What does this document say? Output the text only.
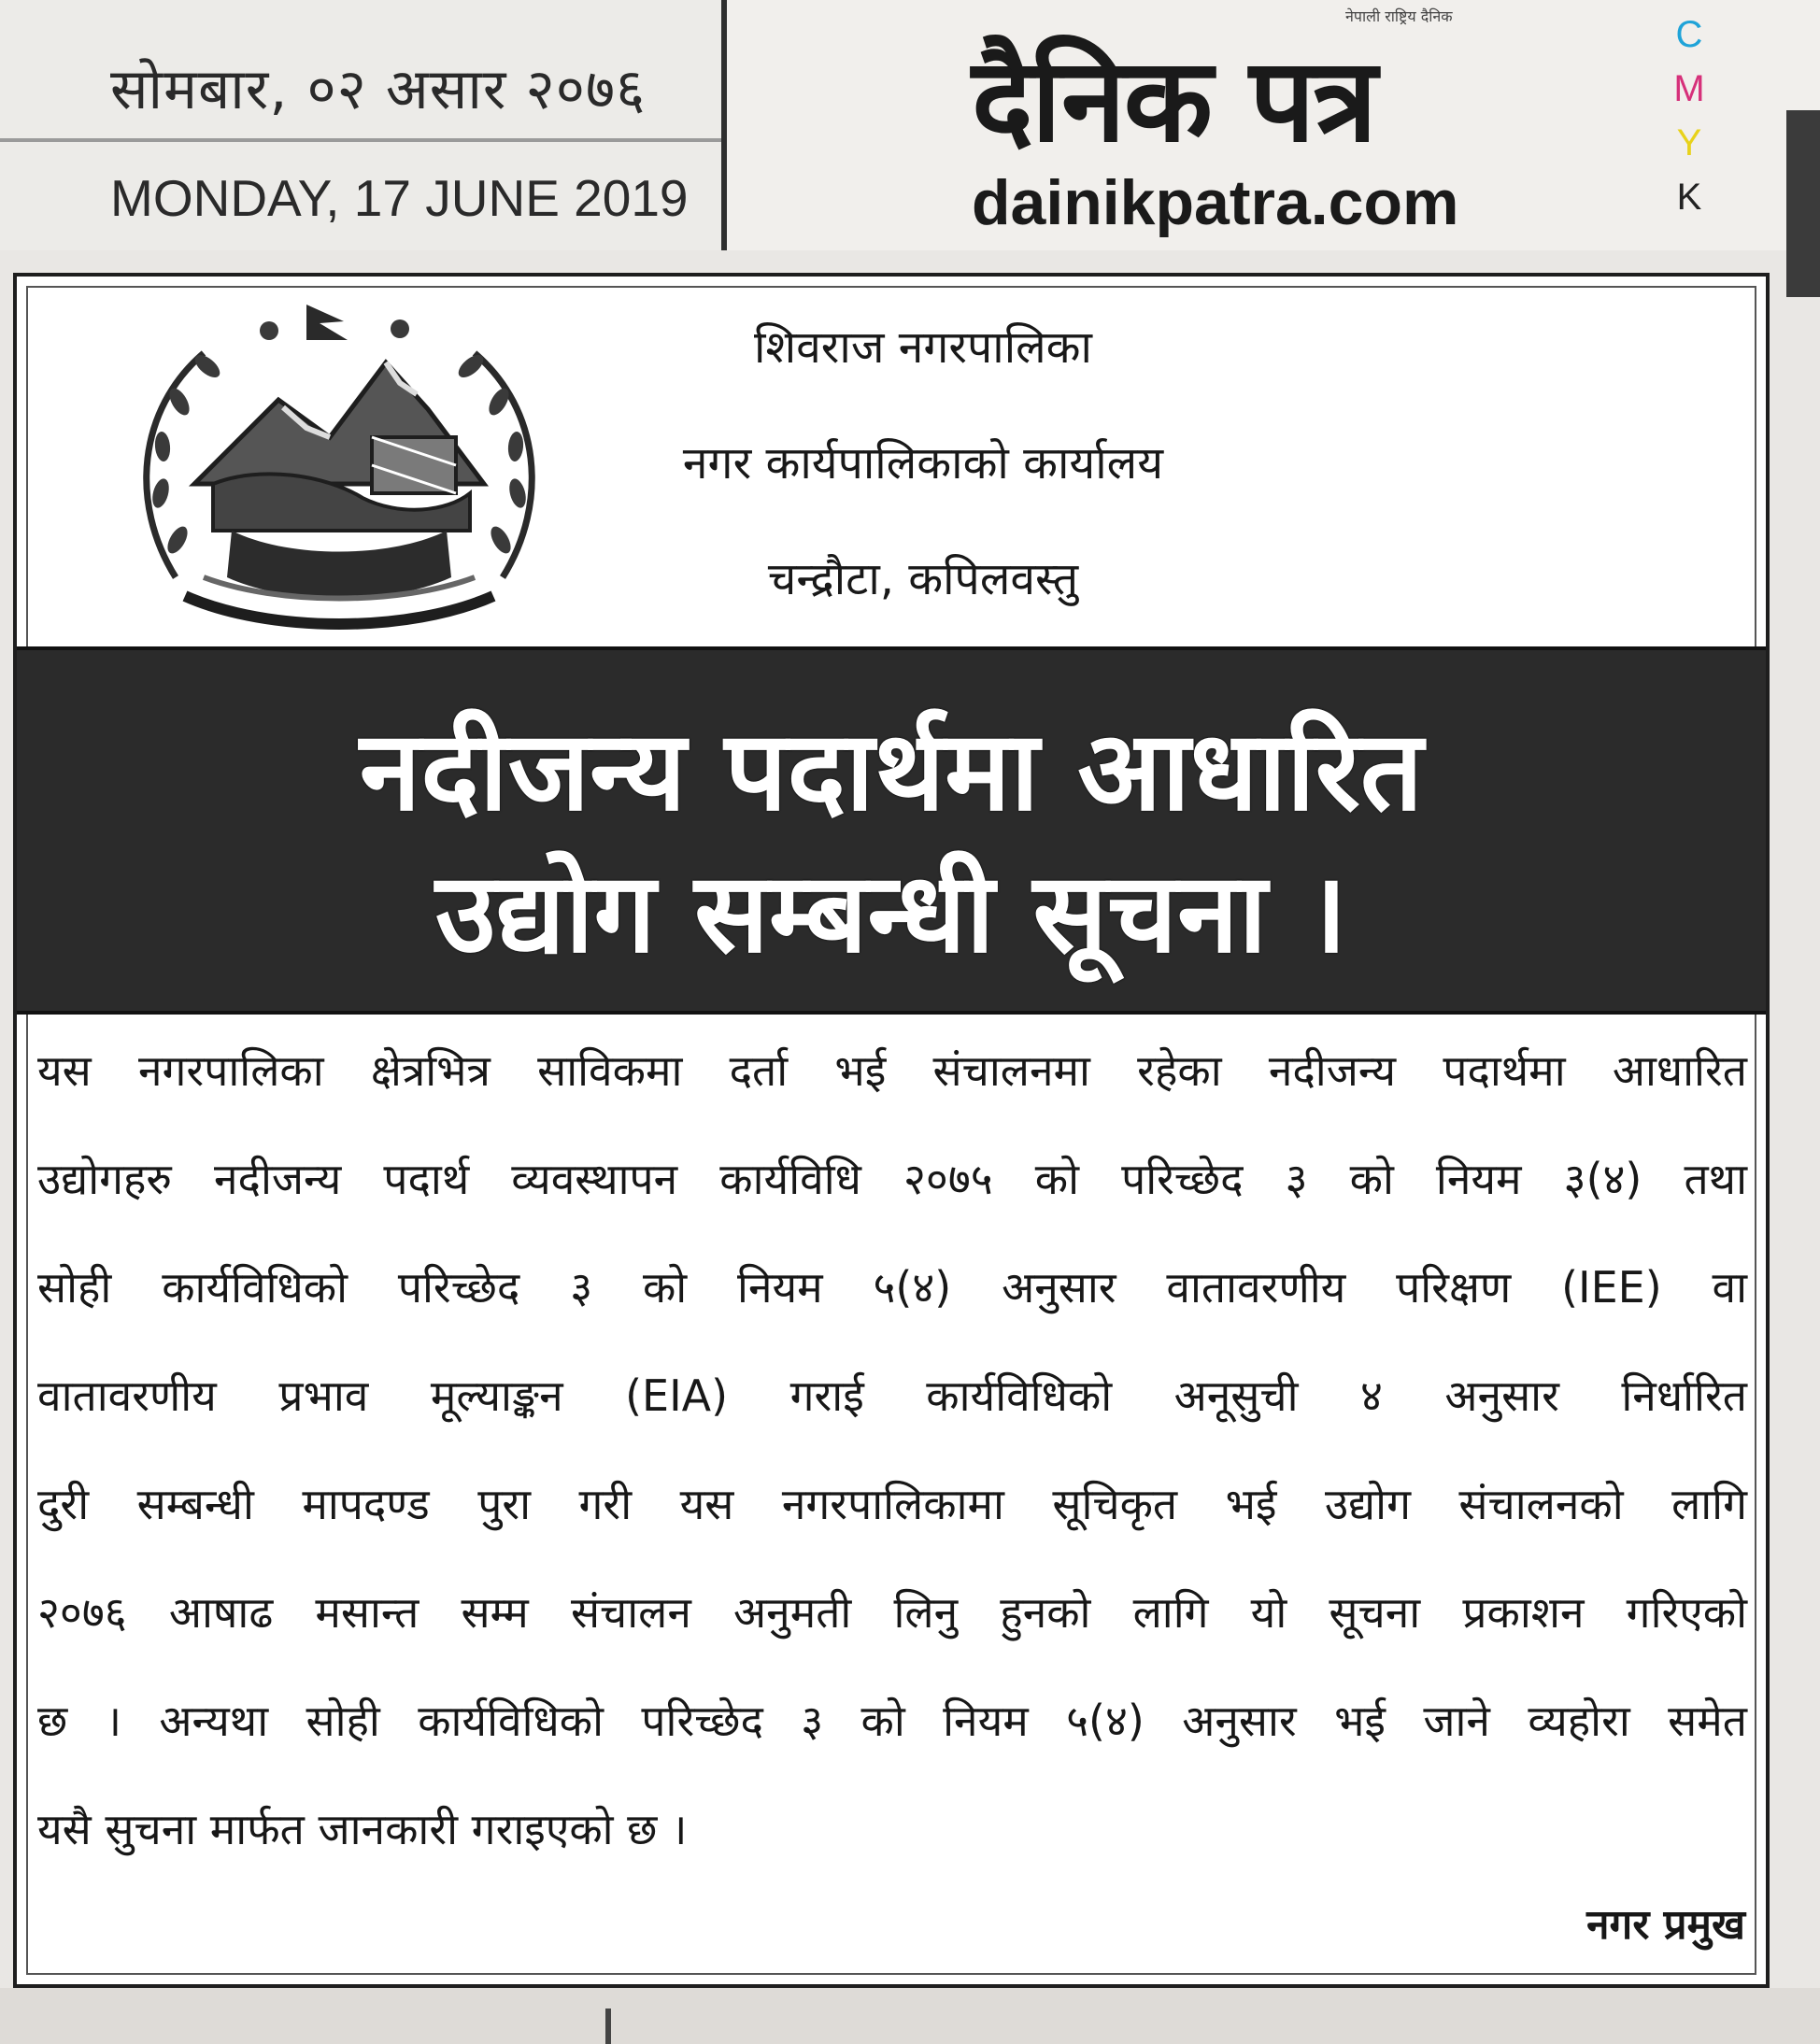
सोमबार, ०२ असार २०७६
MONDAY, 17 JUNE 2019
नेपाली राष्ट्रिय दैनिक
दैनिक पत्र
dainikpatra.com
C
M
Y
K
शिवराज नगरपालिका
नगर कार्यपालिकाको कार्यालय
चन्द्रौटा, कपिलवस्तु
नदीजन्य पदार्थमा आधारित
उद्योग सम्बन्धी सूचना ।
यस नगरपालिका क्षेत्रभित्र साविकमा दर्ता भई संचालनमा रहेका नदीजन्य पदार्थमा आधारित
उद्योगहरु नदीजन्य पदार्थ व्यवस्थापन कार्यविधि २०७५ को परिच्छेद ३ को नियम ३(४) तथा
सोही कार्यविधिको परिच्छेद ३ को नियम ५(४) अनुसार वातावरणीय परिक्षण (IEE) वा
वातावरणीय प्रभाव मूल्याङ्कन (EIA) गराई कार्यविधिको अनूसुची ४ अनुसार निर्धारित
दुरी सम्बन्धी मापदण्ड पुरा गरी यस नगरपालिकामा सूचिकृत भई उद्योग संचालनको लागि
२०७६ आषाढ मसान्त सम्म संचालन अनुमती लिनु हुनको लागि यो सूचना प्रकाशन गरिएको
छ । अन्यथा सोही कार्यविधिको परिच्छेद ३ को नियम ५(४) अनुसार भई जाने व्यहोरा समेत
यसै सुचना मार्फत जानकारी गराइएको छ ।
नगर प्रमुख
